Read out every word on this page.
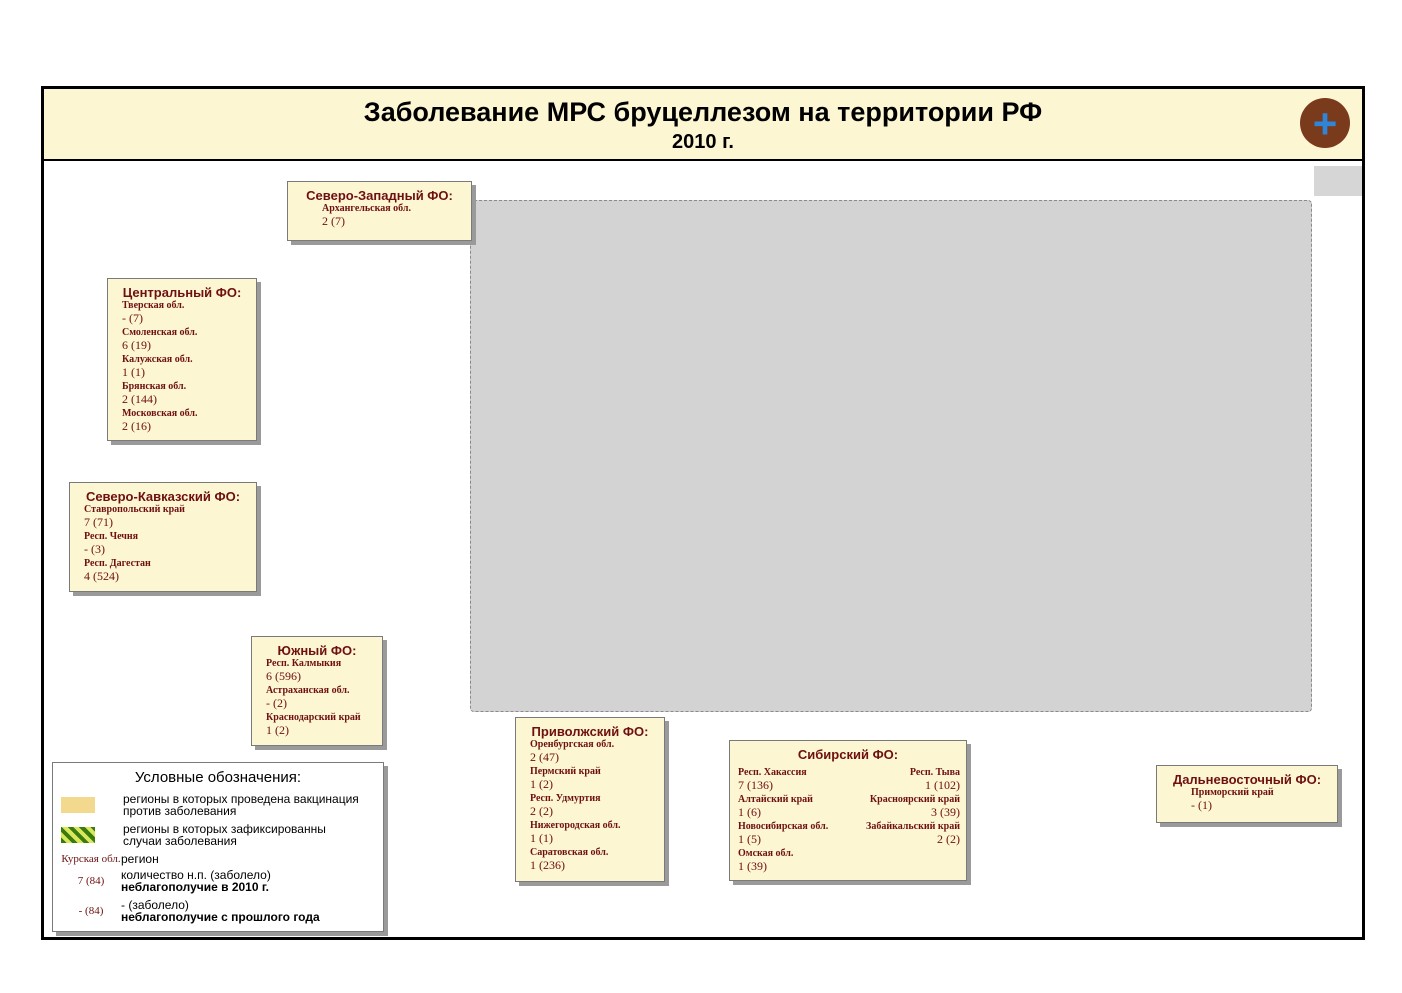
Заболевание МРС бруцеллезом на территории РФ
2010 г.
+
Северо-Западный ФО:
Архангельская обл.
2 (7)
Центральный ФО:
Тверская обл.
- (7)
Смоленская обл.
6 (19)
Калужская обл.
1 (1)
Брянская обл.
2 (144)
Московская обл.
2 (16)
Северо-Кавказский ФО:
Ставропольский край
7 (71)
Респ. Чечня
- (3)
Респ. Дагестан
4 (524)
Южный ФО:
Респ. Калмыкия
6 (596)
Астраханская обл.
- (2)
Краснодарский край
1 (2)	Приволжский ФО:
Оренбургская обл.
2 (47)
Пермский край
1 (2)
Респ. Удмуртия
2 (2)
Нижегородская обл.
1 (1)
Саратовская обл.
1 (236)
Сибирский ФО:
Респ. Хакассия
7 (136)
Алтайский край
1 (6)
Новосибирская обл.
1 (5)
Омская обл.
1 (39)
Респ. Тыва
1 (102)
Красноярский край
3 (39)
Забайкальский край
2 (2)
Дальневосточный ФО:
Приморский край
- (1)
Условные обозначения:
регионы в которых проведена вакцинация против заболевания
регионы в которых зафиксированны случаи заболевания
Курская обл.регион
7 (84) количество н.п. (заболело)
неблагополучие в 2010 г.
- (84) - (заболело)
неблагополучие с прошлого года
